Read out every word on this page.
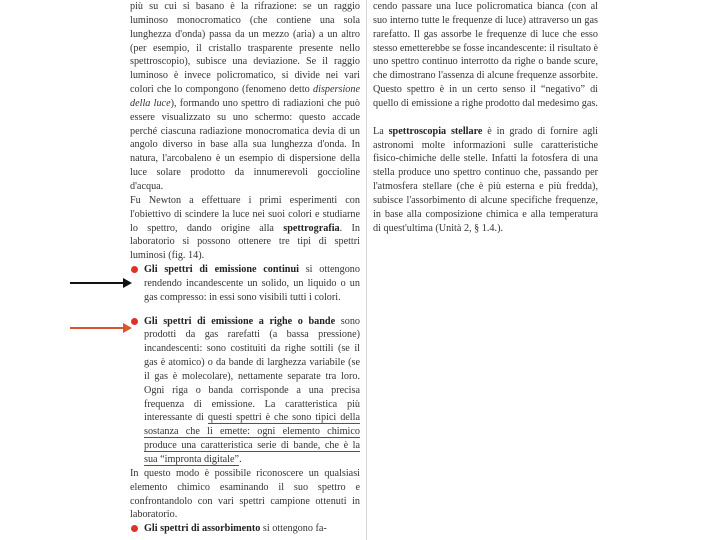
più su cui si basano è la rifrazione: se un raggio luminoso monocromatico (che contiene una sola lunghezza d'onda) passa da un mezzo (aria) a un altro (per esempio, il cristallo trasparente presente nello spettroscopio), subisce una deviazione. Se il raggio luminoso è invece policromatico, si divide nei vari colori che lo compongono (fenomeno detto dispersione della luce), formando uno spettro di radiazioni che può essere visualizzato su uno schermo: questo accade perché ciascuna radiazione monocromatica devia di un angolo diverso in base alla sua lunghezza d'onda. In natura, l'arcobaleno è un esempio di dispersione della luce solare prodotto da innumerevoli goccioline d'acqua.

Fu Newton a effettuare i primi esperimenti con l'obiettivo di scindere la luce nei suoi colori e studiarne lo spettro, dando origine alla spettrografia. In laboratorio si possono ottenere tre tipi di spettri luminosi (fig. 14).

Gli spettri di emissione continui si ottengono rendendo incandescente un solido, un liquido o un gas compresso: in essi sono visibili tutti i colori.

Gli spettri di emissione a righe o bande sono prodotti da gas rarefatti (a bassa pressione) incandescenti: sono costituiti da righe sottili (se il gas è atomico) o da bande di larghezza variabile (se il gas è molecolare), nettamente separate tra loro. Ogni riga o banda corrisponde a una precisa frequenza di emissione. La caratteristica più interessante di questi spettri è che sono tipici della sostanza che li emette: ogni elemento chimico produce una caratteristica serie di bande, che è la sua “impronta digitale”.

In questo modo è possibile riconoscere un qualsiasi elemento chimico esaminando il suo spettro e confrontandolo con vari spettri campione ottenuti in laboratorio.

Gli spettri di assorbimento si ottengono fa-

cendo passare una luce policromatica bianca (con al suo interno tutte le frequenze di luce) attraverso un gas rarefatto. Il gas assorbe le frequenze di luce che esso stesso emetterebbe se fosse incandescente: il risultato è uno spettro continuo interrotto da righe o bande scure, che dimostrano l'assenza di alcune frequenze assorbite. Questo spettro è in un certo senso il “negativo” di quello di emissione a righe prodotto dal medesimo gas.

La spettroscopia stellare è in grado di fornire agli astronomi molte informazioni sulle caratteristiche fisico-chimiche delle stelle. Infatti la fotosfera di una stella produce uno spettro continuo che, passando per l'atmosfera stellare (che è più esterna e più fredda), subisce l'assorbimento di alcune specifiche frequenze, in base alla composizione chimica e alla temperatura di quest'ultima (Unità 2, § 1.4.).
